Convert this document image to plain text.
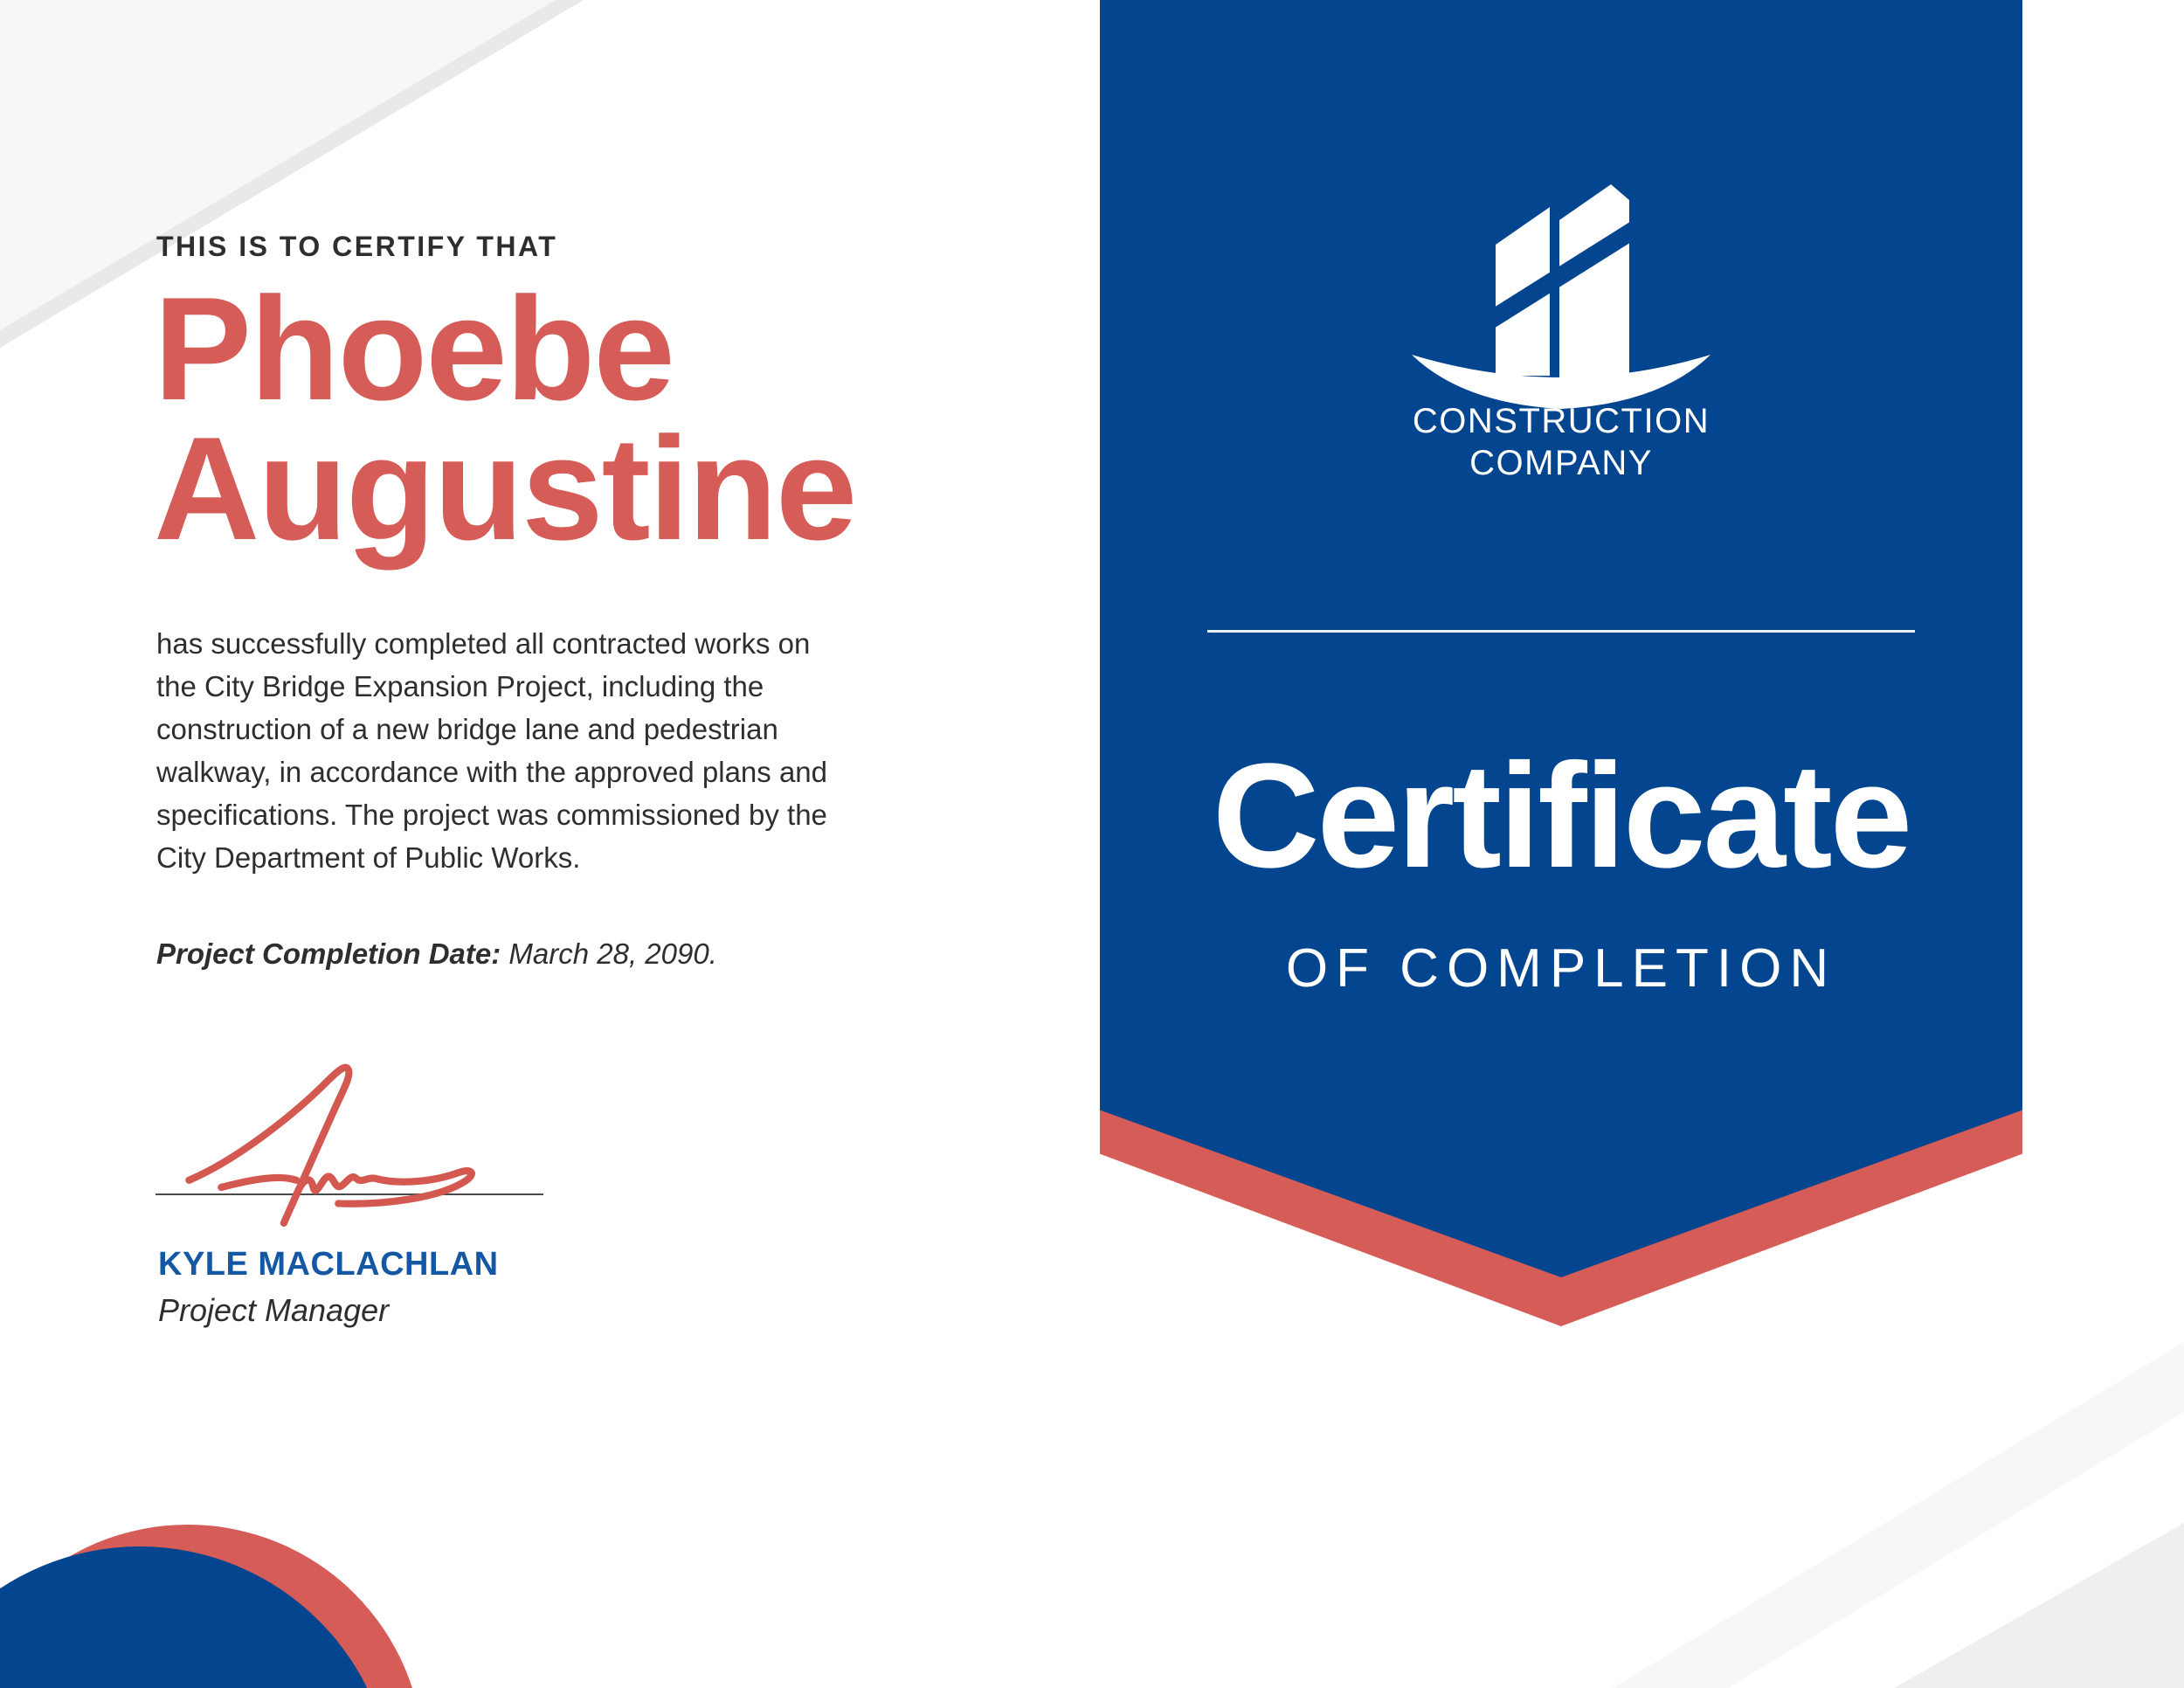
CONSTRUCTION
COMPANY
Certificate
OF COMPLETION
THIS IS TO CERTIFY THAT
Phoebe
Augustine
has successfully completed all contracted works on
the City Bridge Expansion Project, including the
construction of a new bridge lane and pedestrian
walkway, in accordance with the approved plans and
specifications. The project was commissioned by the
City Department of Public Works.
Project Completion Date: March 28, 2090.
KYLE MACLACHLAN
Project Manager
